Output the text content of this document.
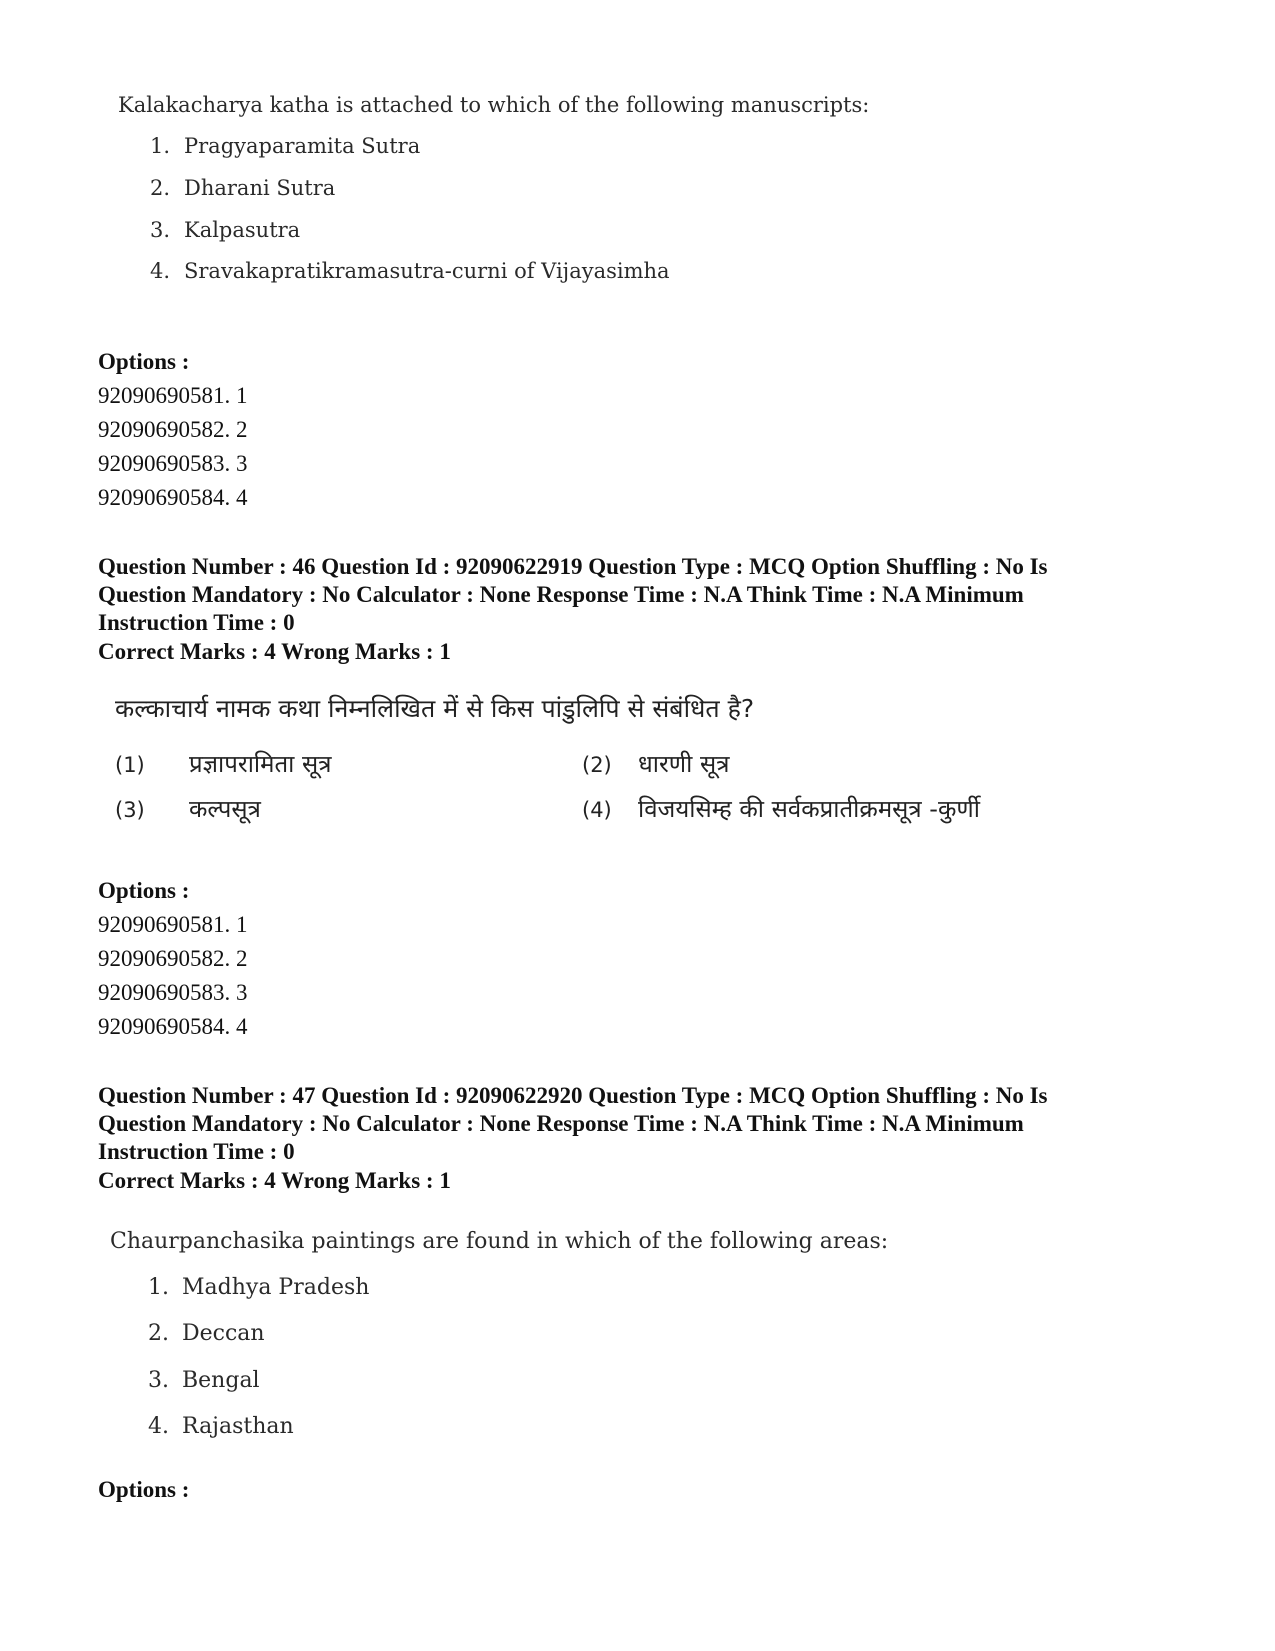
Kalakacharya katha is attached to which of the following manuscripts:
1. Pragyaparamita Sutra
2. Dharani Sutra
3. Kalpasutra
4. Sravakapratikramasutra-curni of Vijayasimha
Options :
92090690581. 1
92090690582. 2
92090690583. 3
92090690584. 4
Question Number : 46 Question Id : 92090622919 Question Type : MCQ Option Shuffling : No Is
Question Mandatory : No Calculator : None Response Time : N.A Think Time : N.A Minimum
Instruction Time : 0
Correct Marks : 4 Wrong Marks : 1
कल्काचार्य नामक कथा निम्नलिखित में से किस पांडुलिपि से संबंधित है?
(1) प्रज्ञापरामिता सूत्र	(2) धारणी सूत्र
(3) कल्पसूत्र	(4) विजयसिम्ह की सर्वकप्रातीक्रमसूत्र -कुर्णी
Options :
92090690581. 1
92090690582. 2
92090690583. 3
92090690584. 4
Question Number : 47 Question Id : 92090622920 Question Type : MCQ Option Shuffling : No Is
Question Mandatory : No Calculator : None Response Time : N.A Think Time : N.A Minimum
Instruction Time : 0
Correct Marks : 4 Wrong Marks : 1
Chaurpanchasika paintings are found in which of the following areas:
1. Madhya Pradesh
2. Deccan
3. Bengal
4. Rajasthan
Options :
